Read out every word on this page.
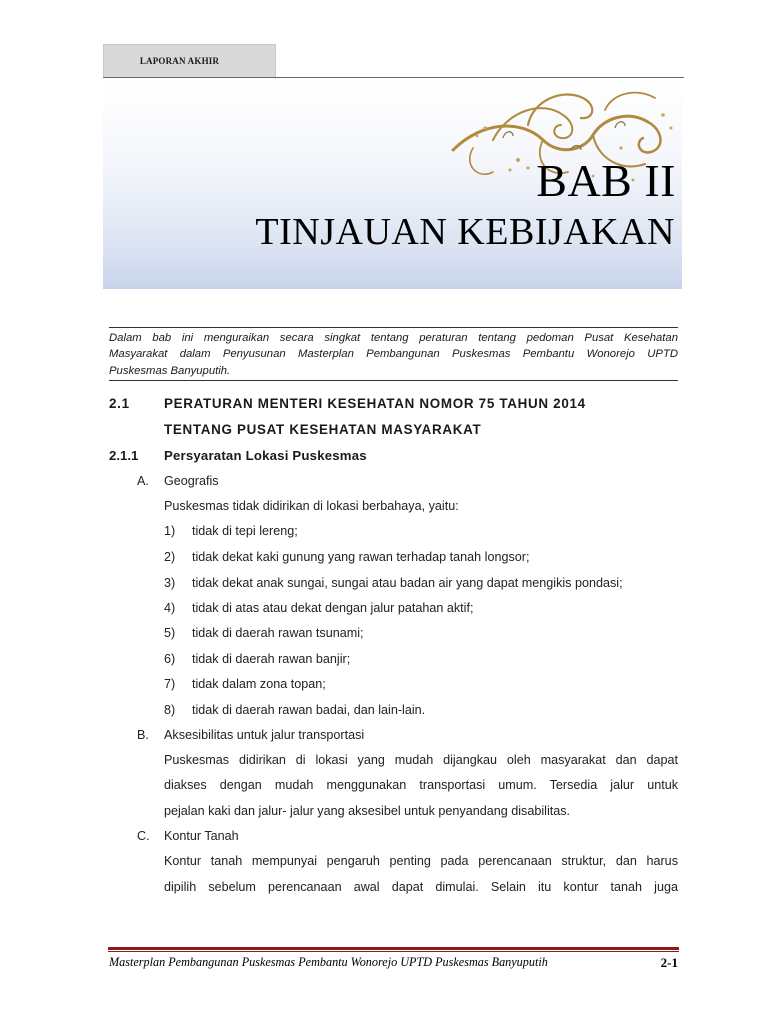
LAPORAN AKHIR
BAB II
TINJAUAN KEBIJAKAN
Dalam bab ini menguraikan secara singkat tentang peraturan tentang pedoman Pusat Kesehatan
Masyarakat dalam Penyusunan Masterplan Pembangunan Puskesmas Pembantu Wonorejo UPTD
Puskesmas Banyuputih.
2.1	PERATURAN MENTERI KESEHATAN NOMOR 75 TAHUN 2014
TENTANG PUSAT KESEHATAN MASYARAKAT
2.1.1 Persyaratan Lokasi Puskesmas
A. Geografis
Puskesmas tidak didirikan di lokasi berbahaya, yaitu:
1) tidak di tepi lereng;
2) tidak dekat kaki gunung yang rawan terhadap tanah longsor;
3) tidak dekat anak sungai, sungai atau badan air yang dapat mengikis pondasi;
4) tidak di atas atau dekat dengan jalur patahan aktif;
5) tidak di daerah rawan tsunami;
6) tidak di daerah rawan banjir;
7) tidak dalam zona topan;
8) tidak di daerah rawan badai, dan lain-lain.
B. Aksesibilitas untuk jalur transportasi
Puskesmas didirikan di lokasi yang mudah dijangkau oleh masyarakat dan dapat
diakses dengan mudah menggunakan transportasi umum. Tersedia jalur untuk
pejalan kaki dan jalur- jalur yang aksesibel untuk penyandang disabilitas.
C. Kontur Tanah
Kontur tanah mempunyai pengaruh penting pada perencanaan struktur, dan harus
dipilih sebelum perencanaan awal dapat dimulai. Selain itu kontur tanah juga
Masterplan Pembangunan Puskesmas Pembantu Wonorejo UPTD Puskesmas Banyuputih	2-1
